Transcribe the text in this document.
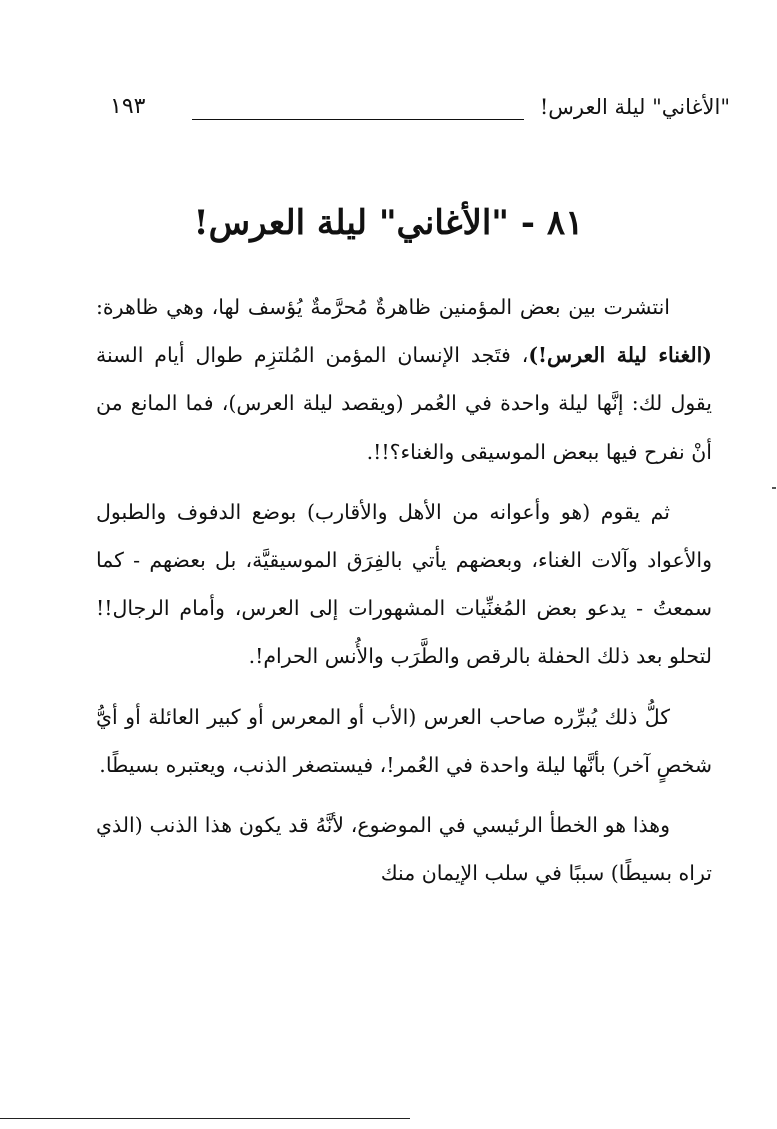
"الأغاني" ليلة العرس!
١٩٣
٨١ - "الأغاني" ليلة العرس!

انتشرت بين بعض المؤمنين ظاهرةٌ مُحرَّمةٌ يُؤسف لها، وهي ظاهرة: (الغناء ليلة العرس!)، فتَجد الإنسان المؤمن المُلتزِم طوال أيام السنة يقول لك: إنَّها ليلة واحدة في العُمر (ويقصد ليلة العرس)، فما المانع من أنْ نفرح فيها ببعض الموسيقى والغناء؟!!.

ثم يقوم (هو وأعوانه من الأهل والأقارب) بوضع الدفوف والطبول والأعواد وآلات الغناء، وبعضهم يأتي بالفِرَق الموسيقيَّة، بل بعضهم - كما سمعتُ - يدعو بعض المُغنِّيات المشهورات إلى العرس، وأمام الرجال!! لتحلو بعد ذلك الحفلة بالرقص والطَّرَب والأُنس الحرام!.

كلُّ ذلك يُبرِّره صاحب العرس (الأب أو المعرس أو كبير العائلة أو أيُّ شخصٍ آخر) بأنَّها ليلة واحدة في العُمر!، فيستصغر الذنب، ويعتبره بسيطًا.

وهذا هو الخطأ الرئيسي في الموضوع، لأنَّهُ قد يكون هذا الذنب (الذي تراه بسيطًا) سببًا في سلب الإيمان منك
